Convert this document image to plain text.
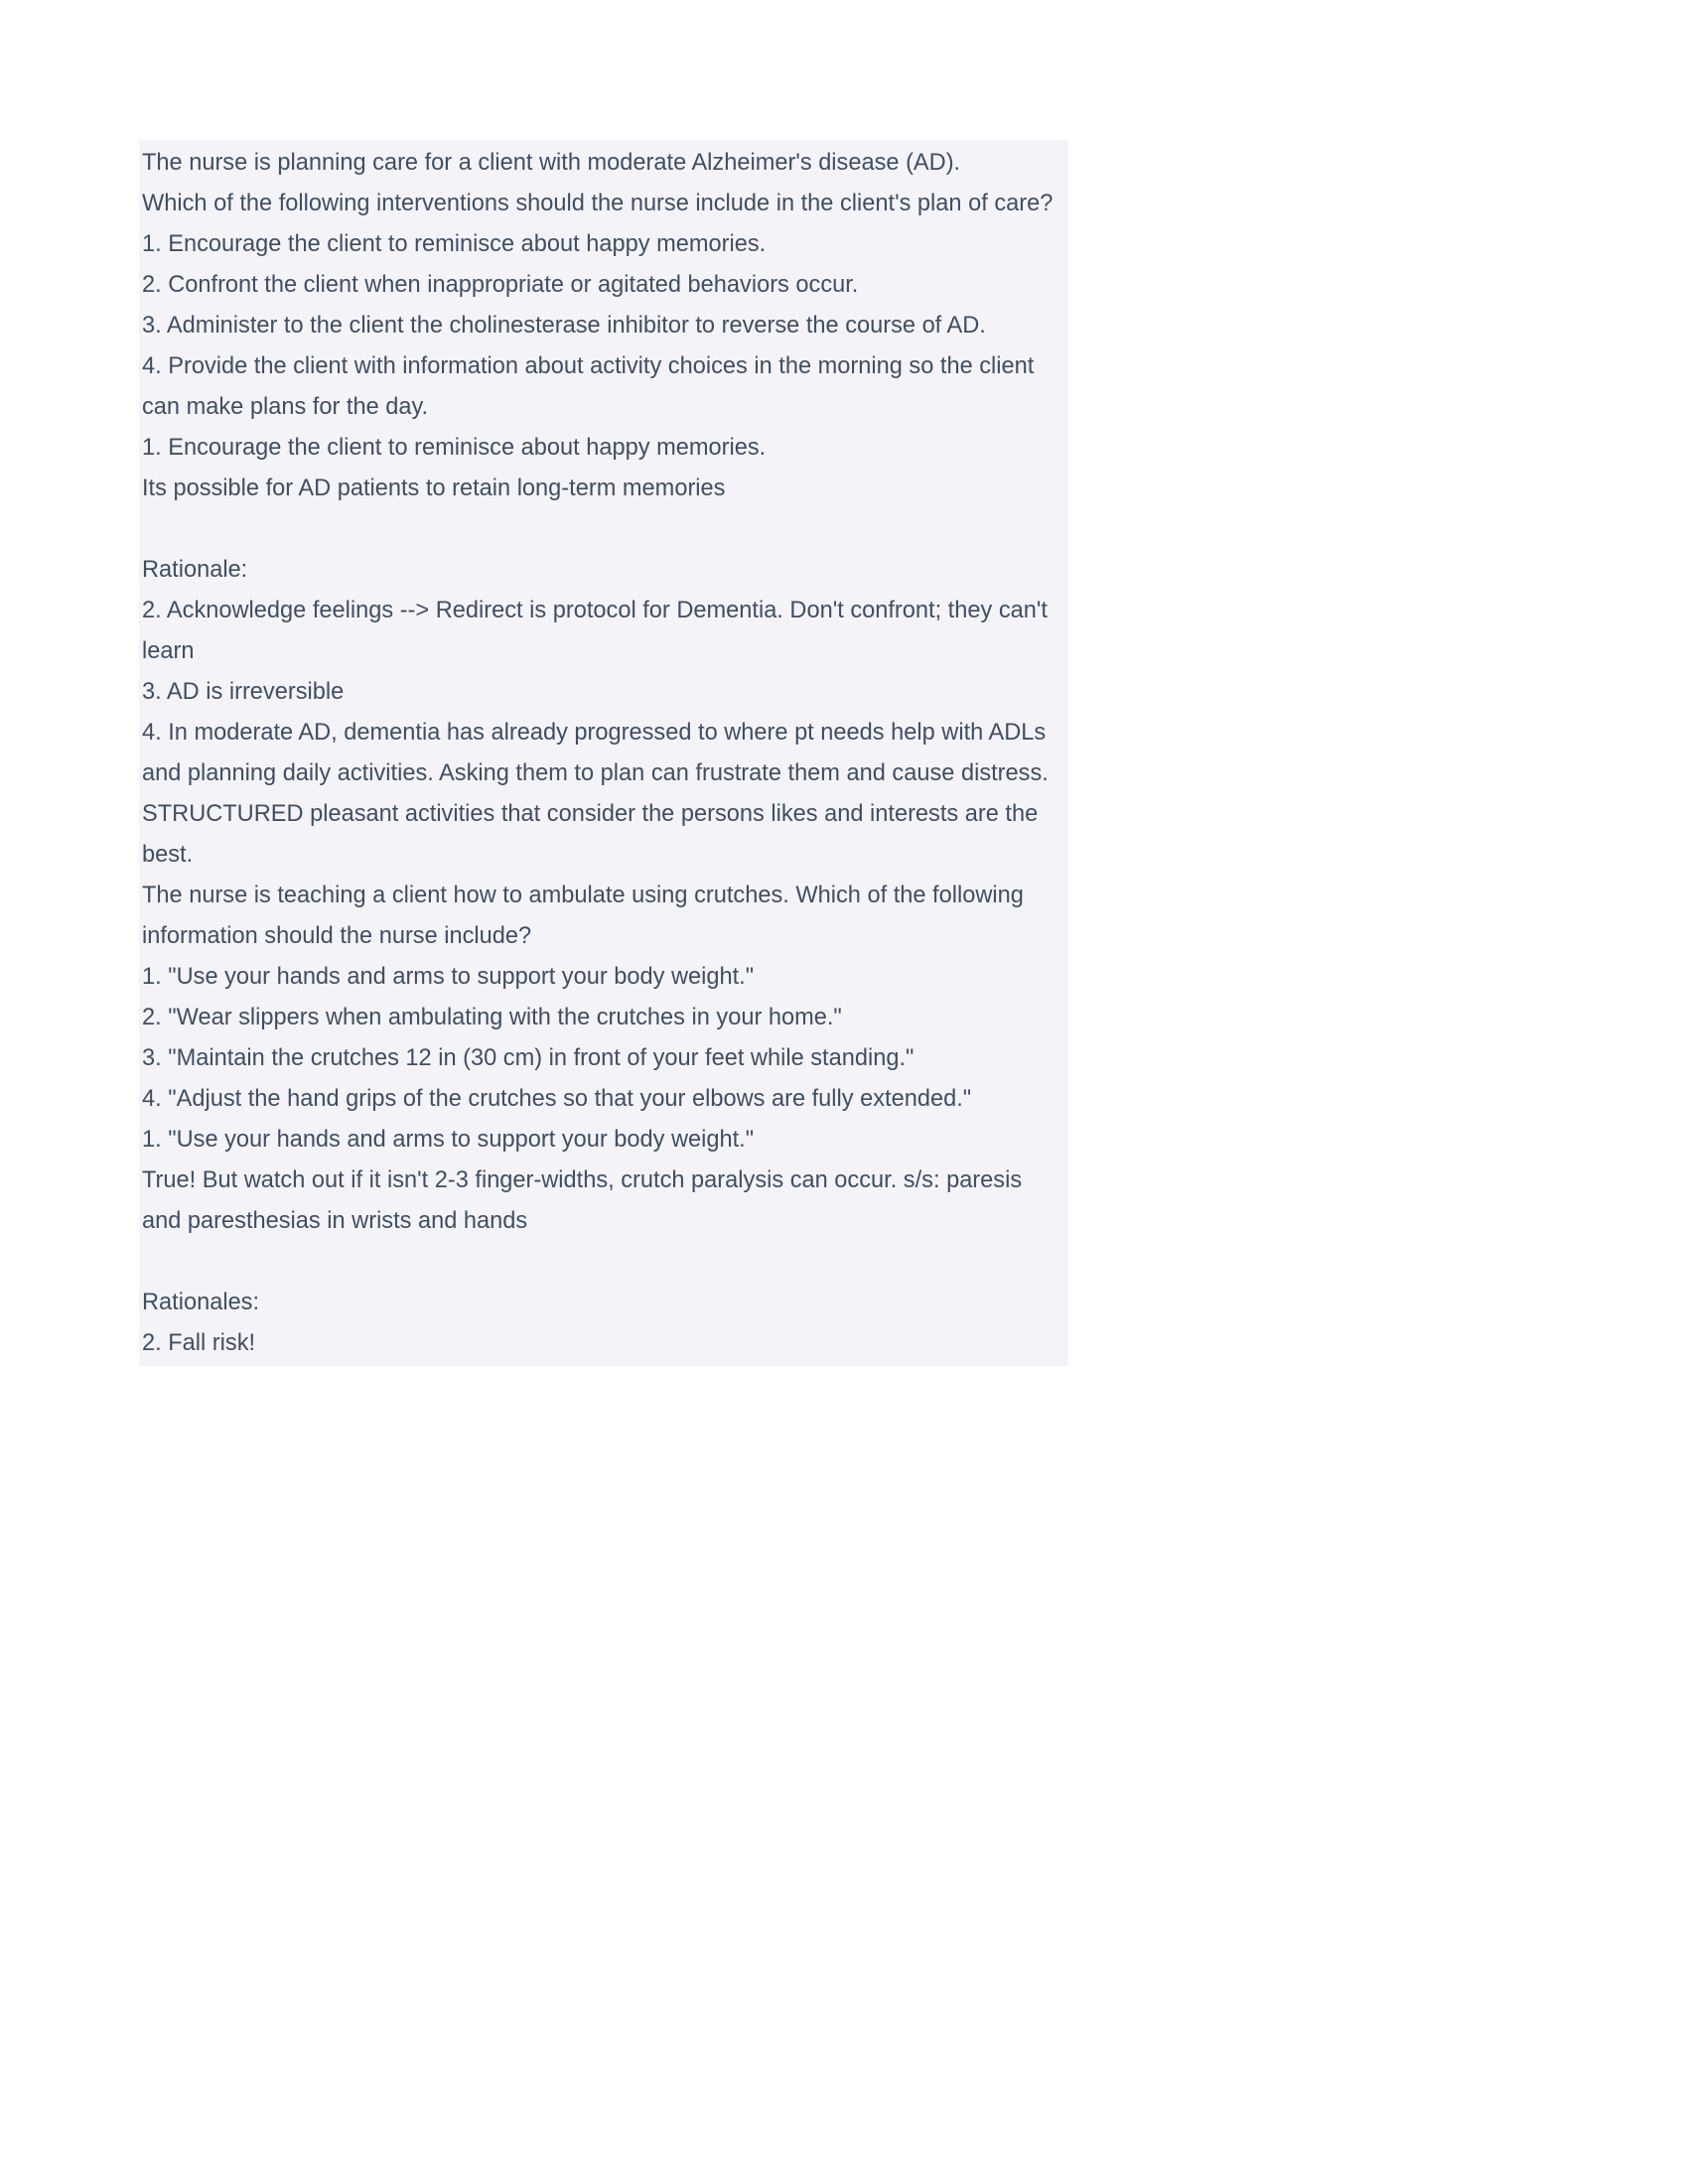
The nurse is planning care for a client with moderate Alzheimer's disease (AD).
Which of the following interventions should the nurse include in the client's plan of care?
1. Encourage the client to reminisce about happy memories.
2. Confront the client when inappropriate or agitated behaviors occur.
3. Administer to the client the cholinesterase inhibitor to reverse the course of AD.
4. Provide the client with information about activity choices in the morning so the client can make plans for the day.
1. Encourage the client to reminisce about happy memories.
Its possible for AD patients to retain long-term memories
Rationale:
2. Acknowledge feelings --> Redirect is protocol for Dementia. Don't confront; they can't learn
3. AD is irreversible
4. In moderate AD, dementia has already progressed to where pt needs help with ADLs and planning daily activities. Asking them to plan can frustrate them and cause distress. STRUCTURED pleasant activities that consider the persons likes and interests are the best.
The nurse is teaching a client how to ambulate using crutches. Which of the following information should the nurse include?
1. "Use your hands and arms to support your body weight."
2. "Wear slippers when ambulating with the crutches in your home."
3. "Maintain the crutches 12 in (30 cm) in front of your feet while standing."
4. "Adjust the hand grips of the crutches so that your elbows are fully extended."
1. "Use your hands and arms to support your body weight."
True! But watch out if it isn't 2-3 finger-widths, crutch paralysis can occur. s/s: paresis and paresthesias in wrists and hands
Rationales:
2. Fall risk!
